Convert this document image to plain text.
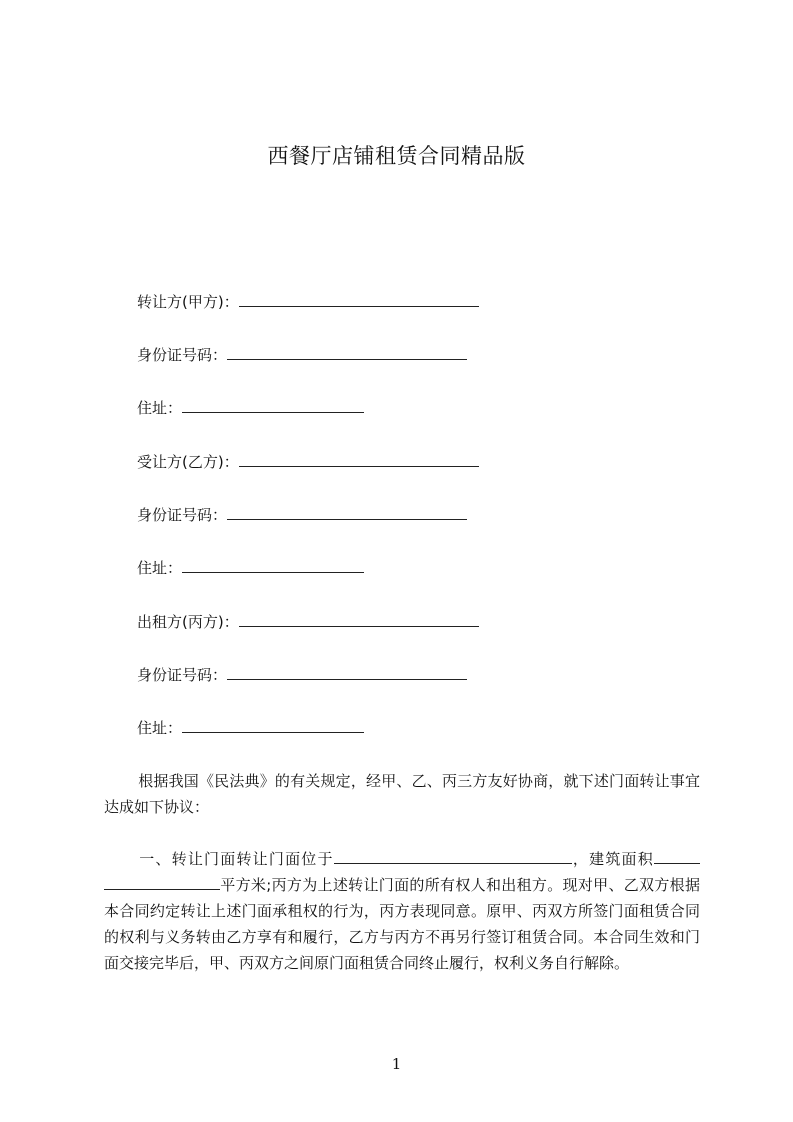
西餐厅店铺租赁合同精品版
转让方(甲方)：
身份证号码：
住址：
受让方(乙方)：
身份证号码：
住址：
出租方(丙方)：
身份证号码：
住址：
根据我国《民法典》的有关规定，经甲、乙、丙三方友好协商，就下述门面转让事宜达成如下协议：
一、转让门面转让门面位于	，建筑面积平方米;丙方为上述转让门面的所有权人和出租方。现对甲、乙双方根据本合同约定转让上述门面承租权的行为，丙方表现同意。原甲、丙双方所签门面租赁合同的权利与义务转由乙方享有和履行，乙方与丙方不再另行签订租赁合同。本合同生效和门面交接完毕后，甲、丙双方之间原门面租赁合同终止履行，权利义务自行解除。
1
